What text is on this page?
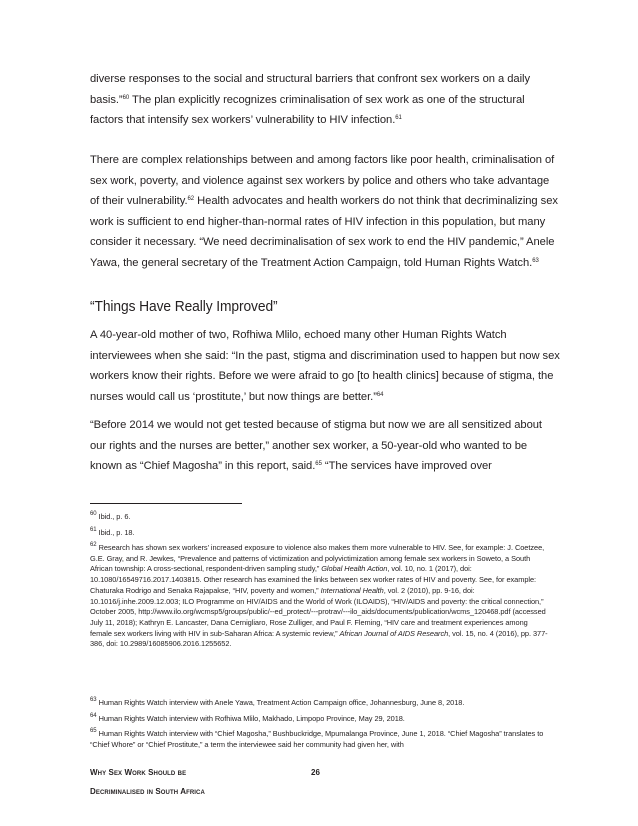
diverse responses to the social and structural barriers that confront sex workers on a daily basis.”$^{60}$ The plan explicitly recognizes criminalisation of sex work as one of the structural factors that intensify sex workers’ vulnerability to HIV infection.$^{61}$

There are complex relationships between and among factors like poor health, criminalisation of sex work, poverty, and violence against sex workers by police and others who take advantage of their vulnerability.$^{62}$ Health advocates and health workers do not think that decriminalizing sex work is sufficient to end higher-than-normal rates of HIV infection in this population, but many consider it necessary. “We need decriminalisation of sex work to end the HIV pandemic,” Anele Yawa, the general secretary of the Treatment Action Campaign, told Human Rights Watch.$^{63}$

“Things Have Really Improved”

A 40-year-old mother of two, Rofhiwa Mlilo, echoed many other Human Rights Watch interviewees when she said: “In the past, stigma and discrimination used to happen but now sex workers know their rights. Before we were afraid to go [to health clinics] because of stigma, the nurses would call us ‘prostitute,’ but now things are better.”$^{64}$

“Before 2014 we would not get tested because of stigma but now we are all sensitized about our rights and the nurses are better,” another sex worker, a 50-year-old who wanted to be known as “Chief Magosha” in this report, said.$^{65}$ “The services have improved over

$^{60}$ Ibid., p. 6.
$^{61}$ Ibid., p. 18.
$^{62}$ Research has shown sex workers’ increased exposure to violence also makes them more vulnerable to HIV. See, for example: J. Coetzee, G.E. Gray, and R. Jewkes, “Prevalence and patterns of victimization and polyvictimization among female sex workers in Soweto, a South African township: A cross-sectional, respondent-driven sampling study,” Global Health Action, vol. 10, no. 1 (2017), doi: 10.1080/16549716.2017.1403815. Other research has examined the links between sex worker rates of HIV and poverty. See, for example: Chaturaka Rodrigo and Senaka Rajapakse, “HIV, poverty and women,” International Health, vol. 2 (2010), pp. 9-16, doi: 10.1016/j.inhe.2009.12.003; ILO Programme on HIV/AIDS and the World of Work (ILOAIDS), “HIV/AIDS and poverty: the critical connection,” October 2005, http://www.ilo.org/wcmsp5/groups/public/--ed_protect/---protrav/---ilo_aids/documents/publication/wcms_120468.pdf (accessed July 11, 2018); Kathryn E. Lancaster, Dana Cernigliaro, Rose Zulliger, and Paul F. Fleming, “HIV care and treatment experiences among female sex workers living with HIV in sub-Saharan Africa: A systemic review,” African Journal of AIDS Research, vol. 15, no. 4 (2016), pp. 377-386, doi: 10.2989/16085906.2016.1255652.
$^{63}$ Human Rights Watch interview with Anele Yawa, Treatment Action Campaign office, Johannesburg, June 8, 2018.
$^{64}$ Human Rights Watch interview with Rofhiwa Mlilo, Makhado, Limpopo Province, May 29, 2018.
$^{65}$ Human Rights Watch interview with “Chief Magosha,” Bushbuckridge, Mpumalanga Province, June 1, 2018. “Chief Magosha” translates to “Chief Whore” or “Chief Prostitute,” a term the interviewee said her community had given her, with
Why Sex Work Should be	26
Decriminalised in South Africa
